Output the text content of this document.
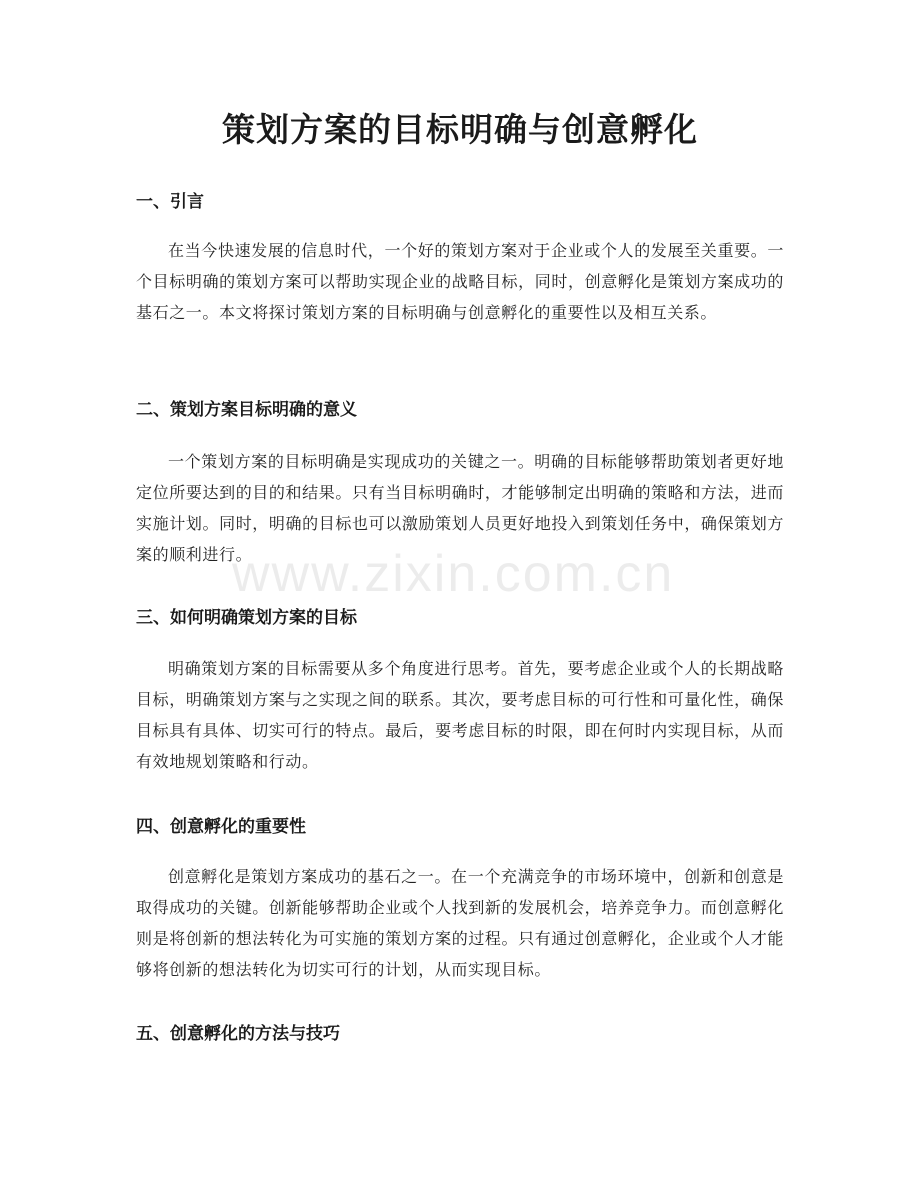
策划方案的目标明确与创意孵化
一、引言

在当今快速发展的信息时代，一个好的策划方案对于企业或个人的发展至关重要。一个目标明确的策划方案可以帮助实现企业的战略目标，同时，创意孵化是策划方案成功的基石之一。本文将探讨策划方案的目标明确与创意孵化的重要性以及相互关系。

二、策划方案目标明确的意义

一个策划方案的目标明确是实现成功的关键之一。明确的目标能够帮助策划者更好地定位所要达到的目的和结果。只有当目标明确时，才能够制定出明确的策略和方法，进而实施计划。同时，明确的目标也可以激励策划人员更好地投入到策划任务中，确保策划方案的顺利进行。

三、如何明确策划方案的目标

明确策划方案的目标需要从多个角度进行思考。首先，要考虑企业或个人的长期战略目标，明确策划方案与之实现之间的联系。其次，要考虑目标的可行性和可量化性，确保目标具有具体、切实可行的特点。最后，要考虑目标的时限，即在何时内实现目标，从而有效地规划策略和行动。

四、创意孵化的重要性

创意孵化是策划方案成功的基石之一。在一个充满竞争的市场环境中，创新和创意是取得成功的关键。创新能够帮助企业或个人找到新的发展机会，培养竞争力。而创意孵化则是将创新的想法转化为可实施的策划方案的过程。只有通过创意孵化，企业或个人才能够将创新的想法转化为切实可行的计划，从而实现目标。

五、创意孵化的方法与技巧
www.zixin.com.cn
